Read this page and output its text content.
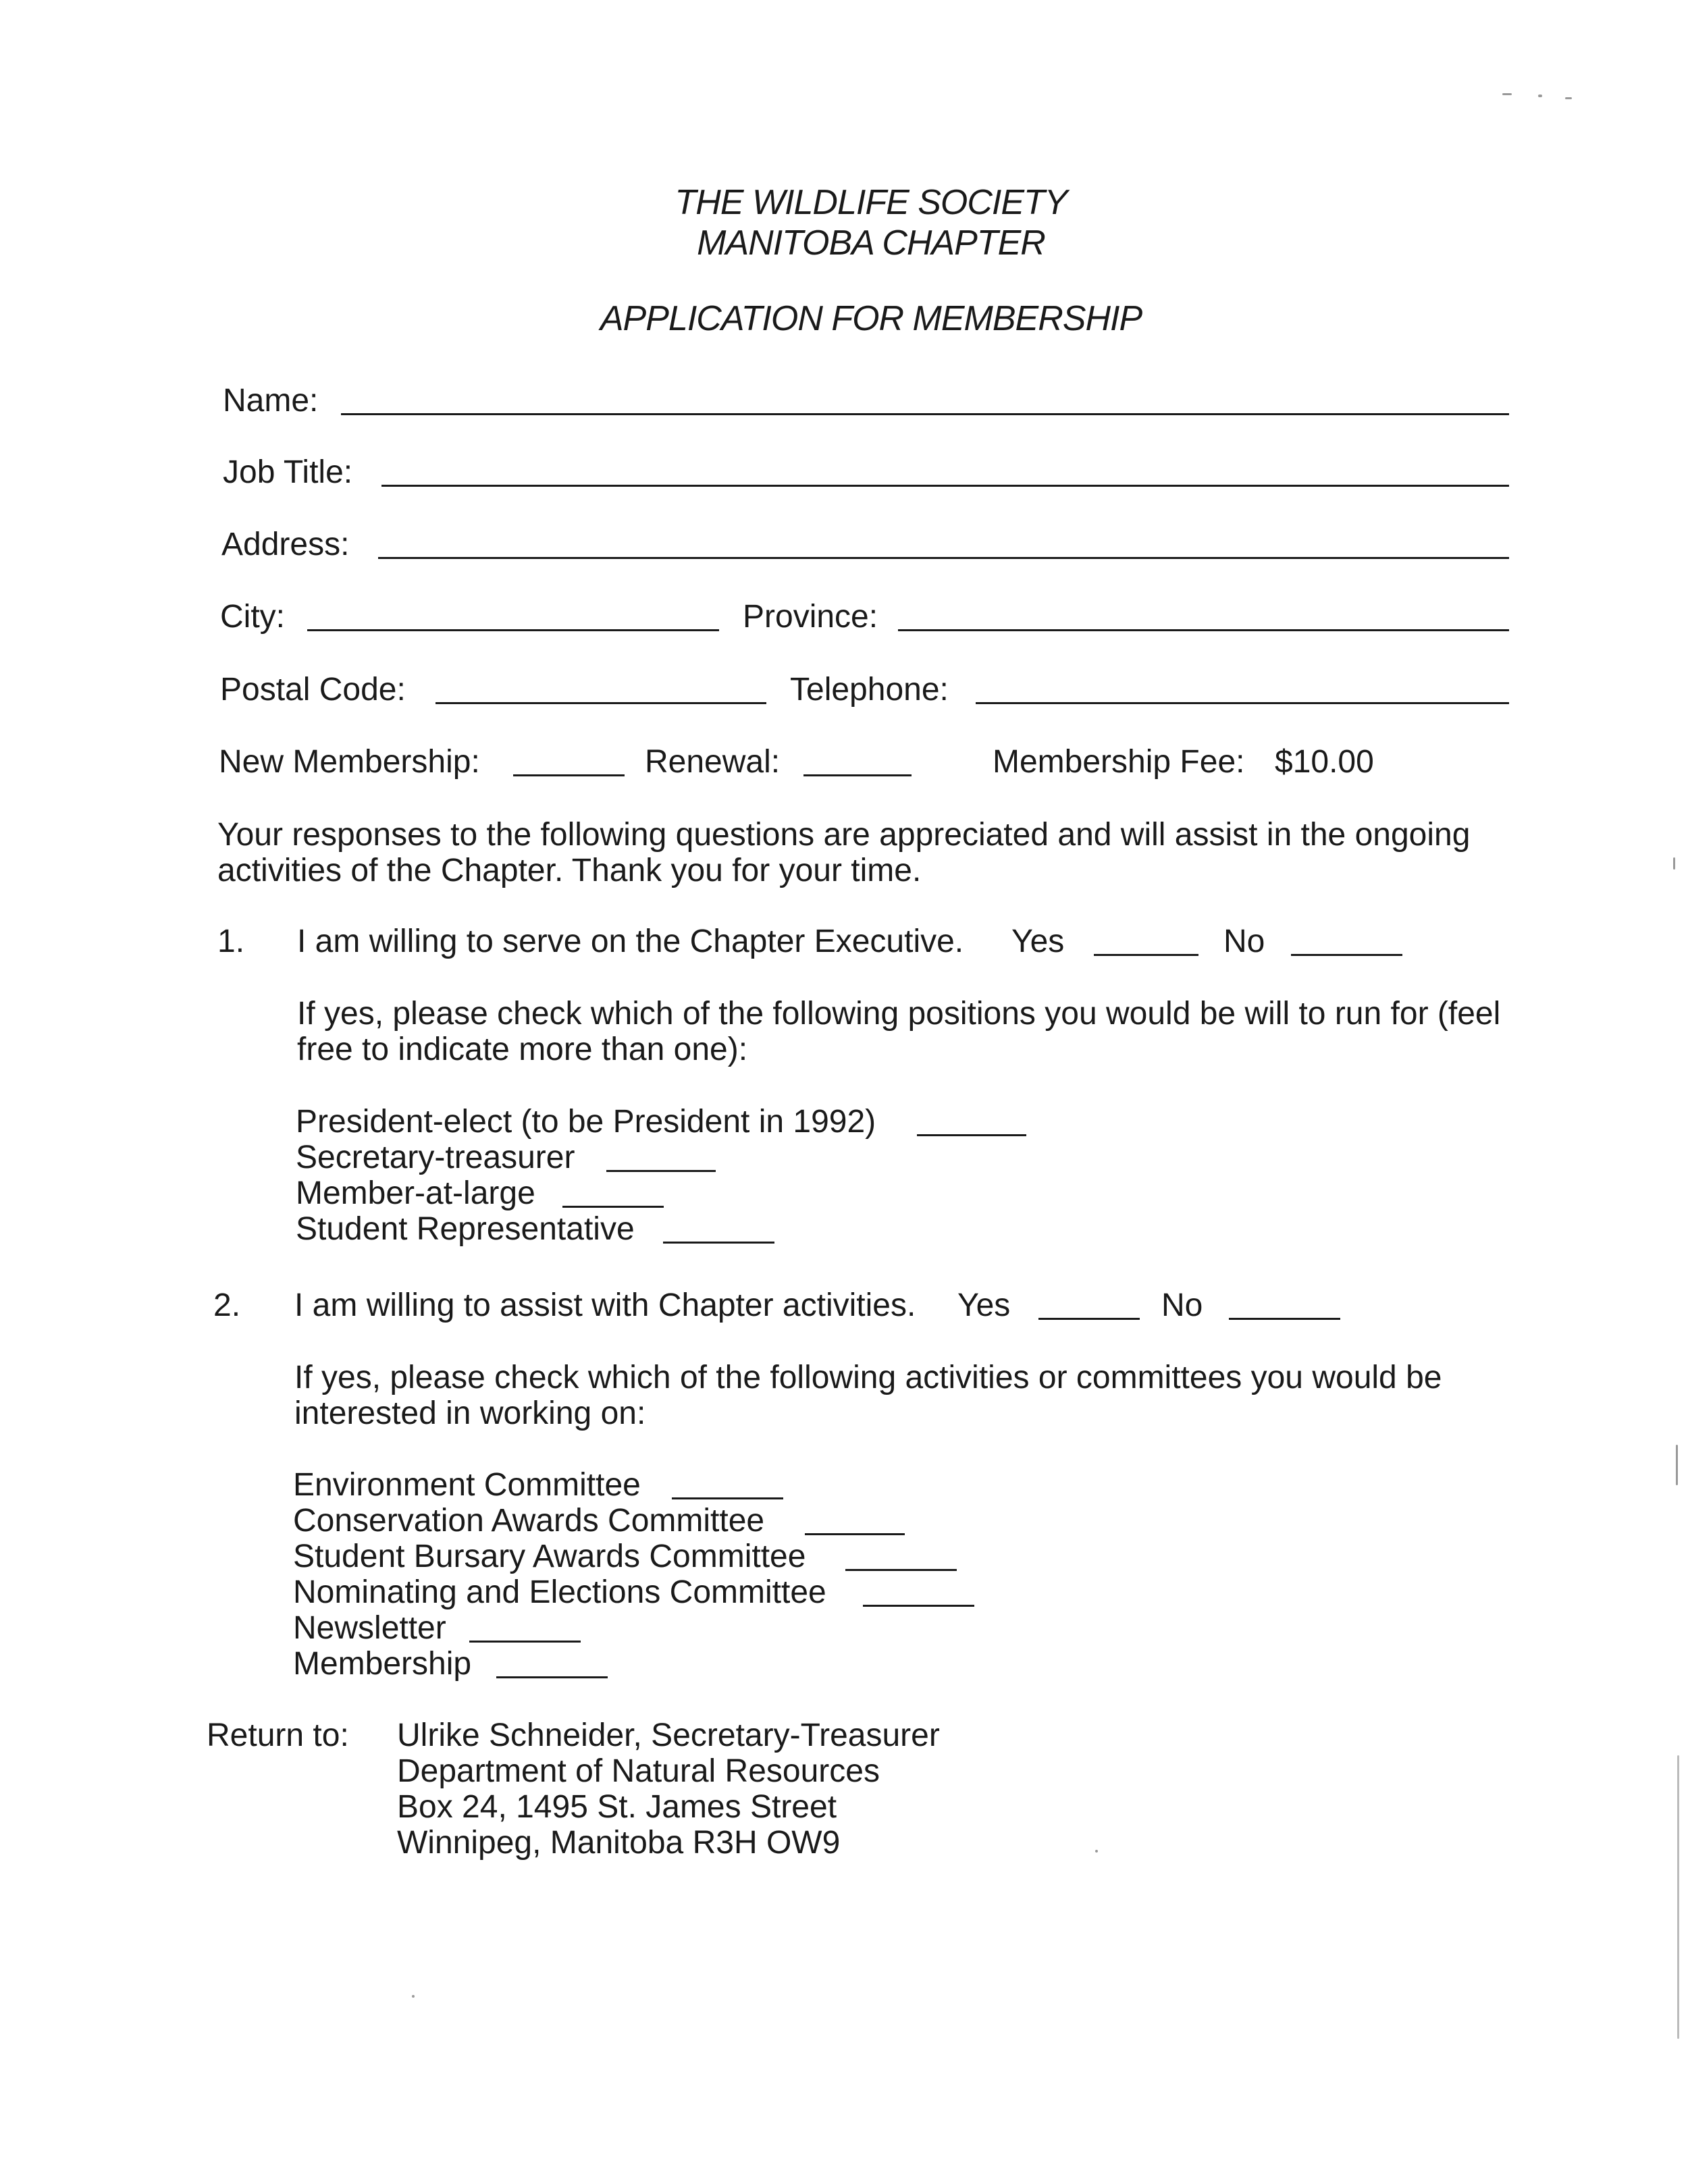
THE WILDLIFE SOCIETY
MANITOBA CHAPTER
APPLICATION FOR MEMBERSHIP
Name:
Job Title:
Address:
City:	Province:
Postal Code:	Telephone:
New Membership:	Renewal:	Membership Fee: $10.00
Your responses to the following questions are appreciated and will assist in the ongoing
activities of the Chapter. Thank you for your time.
1. I am willing to serve on the Chapter Executive. Yes	No
If yes, please check which of the following positions you would be will to run for (feel
free to indicate more than one):
President-elect (to be President in 1992)
Secretary-treasurer
Member-at-large
Student Representative
2. I am willing to assist with Chapter activities. Yes	No
If yes, please check which of the following activities or committees you would be
interested in working on:
Environment Committee
Conservation Awards Committee
Student Bursary Awards Committee
Nominating and Elections Committee
Newsletter
Membership
Return to: Ulrike Schneider, Secretary-Treasurer
Department of Natural Resources
Box 24, 1495 St. James Street
Winnipeg, Manitoba R3H OW9
